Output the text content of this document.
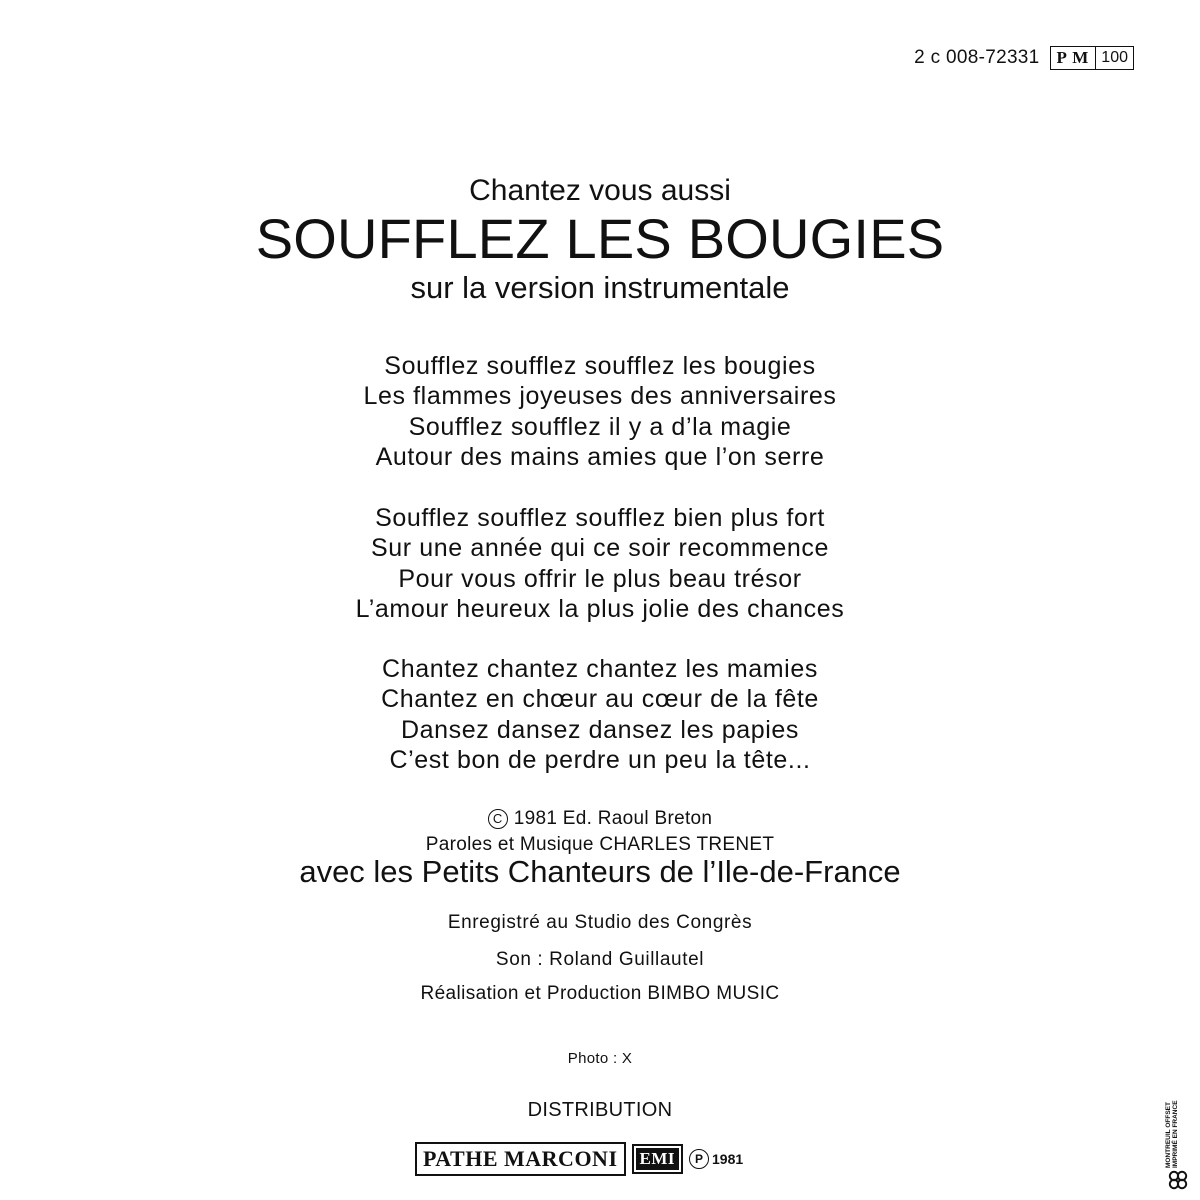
2 c 008-72331	P M 100
Chantez vous aussi
SOUFFLEZ LES BOUGIES
sur la version instrumentale
Soufflez soufflez soufflez les bougies
Les flammes joyeuses des anniversaires
Soufflez soufflez il y a d’la magie
Autour des mains amies que l’on serre
Soufflez soufflez soufflez bien plus fort
Sur une année qui ce soir recommence
Pour vous offrir le plus beau trésor
L’amour heureux la plus jolie des chances
Chantez chantez chantez les mamies
Chantez en chœur au cœur de la fête
Dansez dansez dansez les papies
C’est bon de perdre un peu la tête...
C 1981 Ed. Raoul Breton
Paroles et Musique CHARLES TRENET
avec les Petits Chanteurs de l’Ile-de-France
Enregistré au Studio des Congrès
Son : Roland Guillautel
Réalisation et Production BIMBO MUSIC
Photo : X
DISTRIBUTION
PATHE MARCONI EMI	P 1981	MONTREUIL OFFSET IMPRIMÉ EN FRANCE
